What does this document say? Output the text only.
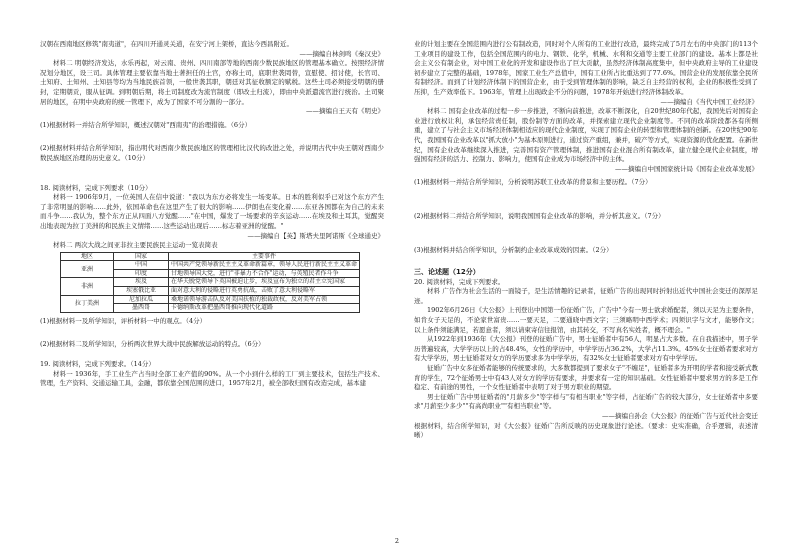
汉朝在西南地区修筑"南夷道"，在四川开通灵关道，在安宁河上架桥，直达今西昌附近。

——摘编自林剑鸣《秦汉史》

材料二 明朝经济发达，水乐再起，对云南、贵州、四川南部等地的西南少数民族地区的管理基本确立。按照经济情况划分地区，设三司。具体管理主要依靠当地土著担任的土官，亦称土司，底职世袭罔替，宣慰使、招讨使，长官司、土知府、土知州、土知县等均为当地民族首领，一般世袭其职，朝廷对其征收额定的赋税。这些土司必须接受明朝的册封，定期朝贡，服从征调。到明朝后期，将土司制度改为流官制度（即改土归流），即由中央派遣流官进行统治。土司聚居的地区，在明中央政府的统一管理下，成为了国家不可分割的一部分。

——摘编自王天有《明史》

(1)根据材料一并结合所学知识，概述汉朝对"西南夷"的治理措施。（6分）

(2)根据材料并结合所学知识，指出明代对西南少数民族地区的管理相比汉代的改进之处，并说明古代中央王朝对西南少数民族地区治理的历史意义。（10分）

18. 阅读材料，完成下列要求（10分）

材料一 1906年9月，一位英国人在信中说道："我以为东方必将发生一场变革。日本的胜利似乎已对这个东方产生了非常明显的影响……此外，依国革命也在这里产生了很大的影响……伊朗也在变化着……东亚各国都在为自己的未来而斗争……我认为，整个东方正从四面八方觉醒……"在中国，爆发了一场要求的辛亥运动……在埃及和土耳其，觉醒突出地表现为拉丁美洲的和民族主义情绪……这些运动出现后……标志着亚洲的觉醒。"

——摘编自【英】斯塔夫里阿诺斯《全球通史》

材料二 两次大战之间亚非拉主要民族民主运动一览表简表

地区	国家	主要事件
亚洲	中国	中国共产党领导新民主主义革命新篇章，领导人民进行新民主主义革命
	印度	甘地领导国大党，进行"非暴力不合作"运动，与英殖民者作斗争
非洲	埃及	在华夫脱党领导下英国被迫让步，埃及宣布为独立的君主立宪国家
	埃塞俄比亚	面对意大利的侵略进行英勇抗战，击败了意大利侵略军
拉丁美洲	尼加拉瓜	桑地诺领导游击队反对美国扶植的独裁政权，反对美军占领
	墨西哥	卡德纳斯改革把墨西哥推向现代化道路

(1)根据材料一及所学知识，评析材料一中的观点。（4分）

(2)根据材料二及所学知识，分析两次世界大战中民族解放运动的特点。（6分）

19. 阅读材料，完成下列要求。（14分）

材料一 1936年，手工业生产占当时全部工业产值的90%。从一个小到什么样的工厂到主要技术，包括生产技术、管理，生产资料、交通运输工具，金融，都依靠全国范围的进口，1957年2月，被全部收归国有改造完成，基本建

业的计划主要在全国范围内进行公有制改造，同时对个人所有的工业进行改造，最终完成了5月左右的中央部门的113个工业项目的建设工作，包括全国范围内的电力、钢铁、化学，机械、水利和交通等主要工业部门的建设。基本上都是社会主义公有制企业，对中国工业化的开发和建设作出了巨大贡献，虽然经济体制高度集中，但中央政府主导的工业建设初步建立了完整的基础，1978年，国家工业生产总值中，国有工业所占比重达到了77.6%。国营企业的发展依靠全民所有制经济。而到了计划经济体制下的国营企业，由于受到管理体制的影响，缺乏自主经营的权利，企业的积极性受到了压抑，生产效率低下。1963年，管理上出现政企不分的问题，1978年开始进行经济体制改革。

——摘编自《当代中国工业经济》

材料二 国有企业改革的过程一步一步推进，不断向前推进，改革不断深化，自20世纪80年代起，我国先后对国有企业进行放权让利，承包经营责任制，股份制等方面的改革，并探索建立现代企业制度等。不同的改革阶段都各有所侧重，建立了与社会主义市场经济体制相适应的现代企业制度，实现了国有企业的转型和管理体制的创新。在20世纪90年代，我国国有企业改革以"抓大放小"为基本原则进行，通过资产重组，兼并，破产等方式，实现资源的优化配置。在新世纪，国有企业改革继续深入推进，完善国有资产管理体制，推进国有企业混合所有制改革，建立健全现代企业制度，增强国有经济的活力、控制力、影响力，使国有企业成为市场经济中的主体。

——摘编自中国国家统计局《国有企业改革发展》

(1)根据材料一并结合所学知识，分析说明苏联工业改革的背景和主要历程。（7分）

(2)根据材料二并结合所学知识，说明我国国有企业改革的影响，并分析其意义。（7分）

(3)根据材料并结合所学知识，分析制约企业改革成效的因素。（2分）

三、论述题（12分）

20. 阅读材料，完成下列要求。

材料 广告作为社会生活的一面镜子，是生活情趣的记录者，征婚广告的出现同时折射出近代中国社会变迁的深厚足迹。

1902年6月26日《大公报》上刊登出中国第一份征婚广告，广告中"今有一男士欲求婚配者，须以天足为主要条件，如肯女子天足的，不论家世富贵……一要天足，二要通晓中西文字；三须略明中西学术；四须识字与文才，能够作文；以上条件须能满足，若愿意者，须以请柬寄信往报馆，由其转交，不写真名实姓者，概不理会。"

从1922年到1936年《大公报》刊登的征婚广告中，男士征婚者中有56人，明显占大多数。在自我描述中，男子学历普遍较高，大学学历以上的占48.4%，女性的学历中，中学学历占36.2%，大学占11.3%。45%女士征婚者要求对方有大学学历，男士征婚者对女方的学历要求多为中学学历，有32%女士征婚者要求对方有中学学历。

征婚广告中女多征婚者能够的传统要求的，大多数都提到了要求女子"不缠足"，征婚者多为开明的学者和接受新式教育的学生，72个征婚男士中有43人对女方的学历有要求，并要求有一定的知识基础。女性征婚者中要求男方的多是工作稳定、有前途的男性，一个女性征婚者中表明了对于男方职业的期望。

男士征婚广告中男征婚者的"月薪多少"等字样与"有相当职业"等字样，占征婚广告的较大部分，女士征婚者中多要求"月薪至少多少""有高尚职业""有相当职业"等。

——摘编自孙会《大公报》的征婚广告与近代社会变迁

根据材料，结合所学知识，对《大公报》征婚广告所反映的历史现象进行论述。（要求：史实准确，合乎逻辑，表述清晰）

2
